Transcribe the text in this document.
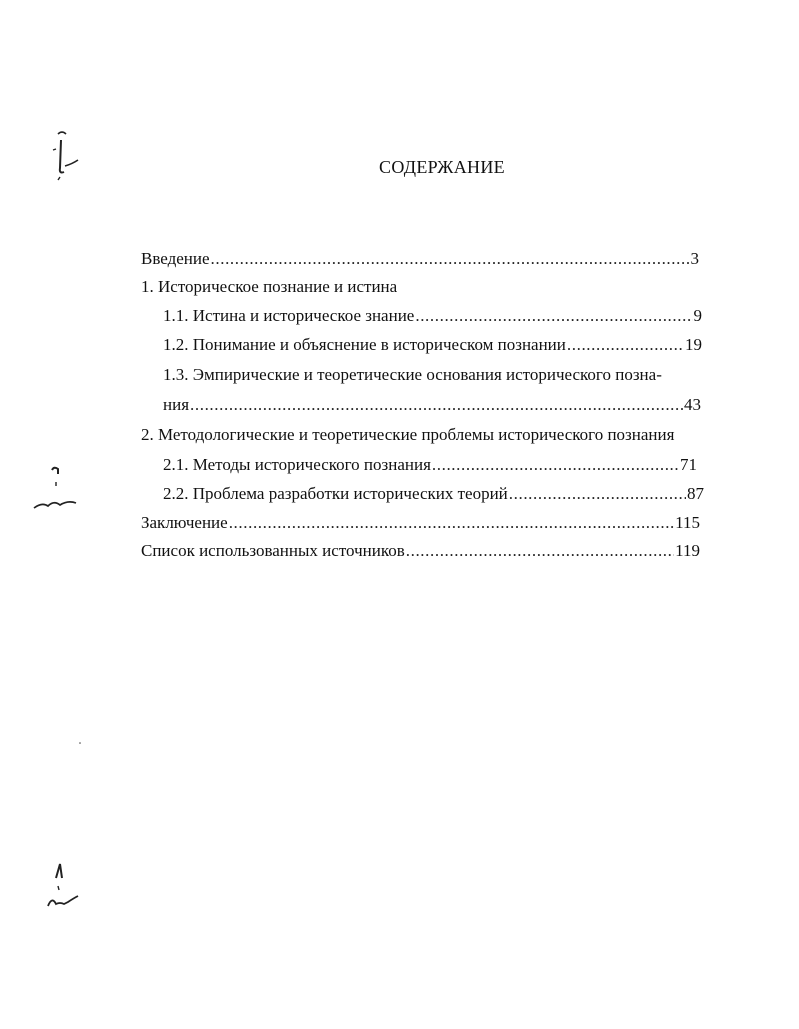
СОДЕРЖАНИЕ
Введение .....	3
1. Историческое познание и истина
1.1. Истина и историческое знание .....	9
1.2. Понимание и объяснение в историческом познании .....	19
1.3. Эмпирические и теоретические основания исторического позна-
ния .....	43
2. Методологические и теоретические проблемы исторического познания
2.1. Методы исторического познания .....	71
2.2. Проблема разработки исторических теорий .....	87
Заключение .....	115
Список использованных источников .....	119
